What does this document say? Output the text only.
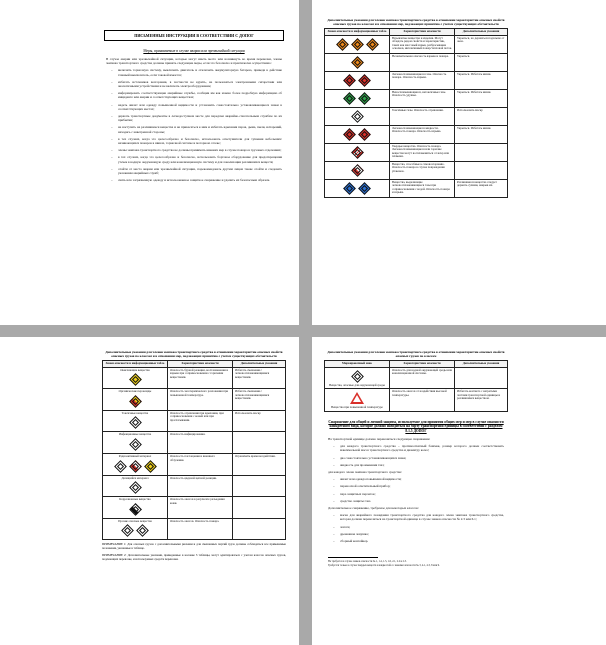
ПИСЬМЕННЫЕ ИНСТРУКЦИИ В СООТВЕТСТВИИ С ДОПОГ
Меры, принимаемые в случае аварии или чрезвычайной ситуации
В случае аварии или чрезвычайной ситуации, которые могут иметь место или возникнуть во время перевозки, члены экипажа транспортного средства должны принять следующие меры, если это безопасно и практически осуществимо:
– включить тормозную систему, выключить двигатель и отключить аккумуляторную батарею, приведя в действие главный выключатель, если таковой имеется;
– избегать источников возгорания, в частности не курить, не пользоваться электронными сигаретами или аналогичными устройствами и не включать электрооборудование;
– информировать соответствующие аварийные службы, сообщив им как можно более подробную информацию об инциденте или аварии и соответствующих веществах;
– надеть жилет или одежду повышенной видимости и установить самостоятельно устанавливающиеся знаки в соответствующих местах;
– держать транспортные документы в легкодоступном месте для передачи аварийно-спасательным службам по их прибытии;
– не наступать на разлившиеся вещества и не прикасаться к ним и избегать вдыхания паров, дыма, пыли, испарений, находясь с наветренной стороны;
– в тех случаях, когда это целесообразно и безопасно, использовать огнетушители для тушения небольших/начинающихся пожаров в шинах, тормозной системе и моторном отсеке;
– члены экипажа транспортного средства не должны принимать никаких мер в случае пожара в грузовых отделениях;
– в тех случаях, когда это целесообразно и безопасно, использовать бортовое оборудование для предотвращения утечек в водную окружающую среду или канализационную систему и для локализации разлившихся веществ;
– отойти от места аварии или чрезвычайной ситуации, порекомендовать другим лицам также отойти и следовать указаниям аварийных служб;
– снять всю загрязненную одежду и использованное защитное снаряжение и удалить их безопасным образом.
Дополнительные указания для членов экипажа транспортного средства в отношении характеристик опасных свойств опасных грузов по классам и в отношении мер, подлежащих принятию с учетом существующих обстоятельств
Знаки опасности и информационные табло	Характеристики опасности	Дополнительные указания

	Взрывчатые вещества и изделия. Могут обладать рядом свойств и характеристик, таких как массовый взрыв, разбрасывание осколков, интенсивный пожар/тепловой поток.	Укрыться, но держаться подальше от окон.

	Незначительная опасность взрыва и пожара.	Укрыться.

	Легковоспламеняющиеся газы. Опасность пожара. Опасность взрыва.	Укрыться. Избегать низин.

	Невоспламеняющиеся, нетоксичные газы. Опасность удушья.	Укрыться. Избегать низин.

	Токсичные газы. Опасность отравления.	Использовать маску.

	Легковоспламеняющиеся жидкости. Опасность пожара. Опасность взрыва.	Укрыться. Избегать низин.

	Твердые вещества. Опасность пожара. Легковоспламеняющиеся или горючие вещества могут воспламениться от искр или пламени.	

	Вещества, способные к самовозгоранию. Опасность пожара в случае повреждения упаковок.	

	Вещества, выделяющие легковоспламеняющиеся газы при соприкосновении с водой. Опасность пожара и взрыва.	Разлившиеся вещества следует держать сухими, накрыв их.
Дополнительные указания для членов экипажа транспортного средства в отношении характеристик опасных свойств опасных грузов по классам и в отношении мер, подлежащих принятию с учетом существующих обстоятельств
Знаки опасности и информационные табло	Характеристики опасности	Дополнительные указания

Окисляющие вещества	Опасность бурной реакции, воспламенения и взрыва при соприкосновении с горючими веществами.	Избегать смешения с легковоспламеняющимися веществами.

Органические пероксиды	Опасность экзотермического разложения при повышенной температуре.	Избегать смешения с легковоспламеняющимися веществами.

Токсичные вещества	Опасность отравления при вдыхании, при соприкосновении с кожей или при проглатывании.	Использовать маску.

Инфекционные вещества	Опасность инфицирования.	

Радиоактивный материал	Опасность поглощения и внешнего облучения.	Ограничить время воздействия.

Делящийся материал	Опасность ядерной цепной реакции.	

Коррозионные вещества	Опасность ожогов в результате разъедания кожи.	

Прочие опасные вещества	Опасность ожогов. Опасность пожара.	
ПРИМЕЧАНИЕ 1: Для опасных грузов с дополнительными рисками и для смешанных партий груза должны соблюдаться все применимые положения, указанные в таблице.
ПРИМЕЧАНИЕ 2: Дополнительные указания, приведенные в колонке 3 таблицы, могут адаптироваться с учетом классов опасных грузов, подлежащих перевозке, и используемых средств перевозки.
Дополнительные указания для членов экипажа транспортного средства в отношении характеристик опасных свойств опасных грузов по классам
Маркировочный знак	Характеристики опасности	Дополнительные указания

Вещества, опасные для окружающей среды	Опасность для водной окружающей среды или канализационной системы.	

Вещества при повышенной температуре	Опасность ожогов от воздействия высокой температуры.	Избегать контакта с нагретыми частями транспортной единицы и разлившимся веществом.
Снаряжение для общей и личной защиты, используемое для принятия общих мер и мер в случае опасности конкретного вида, которое должно находиться на борту транспортной единицы в соответствии с разделом 8.1.5 ДОПОГ
На транспортной единице должно перевозиться следующее снаряжение:
– для каждого транспортного средства – противооткатный башмак, размер которого должен соответствовать максимальной массе транспортного средства и диаметру колес;
– два самостоятельно устанавливающихся знака;
– жидкость для промывания глаз;
для каждого члена экипажа транспортного средства:
– жилет или одежда повышенной видимости;
– переносной осветительный прибор;
– пара защитных перчаток;
– средство защиты глаз.
Дополнительное снаряжение, требуемое для некоторых классов:
– маска для аварийного покидания транспортного средства для каждого члена экипажа транспортного средства, которая должна перевозиться на транспортной единице в случае знаков опасности № 2.3 или 6.1;
– лопата;
– дренажная ловушка;
– сборный контейнер.
Не требуется в случае знаков опасности № 1, 1.4, 1.5, 1.6, 2.1, 2.2 и 2.3.
Требуется только в случае твердых веществ и жидкостей со знаками опасности № 3, 4.1, 4.3, 8 или 9.
